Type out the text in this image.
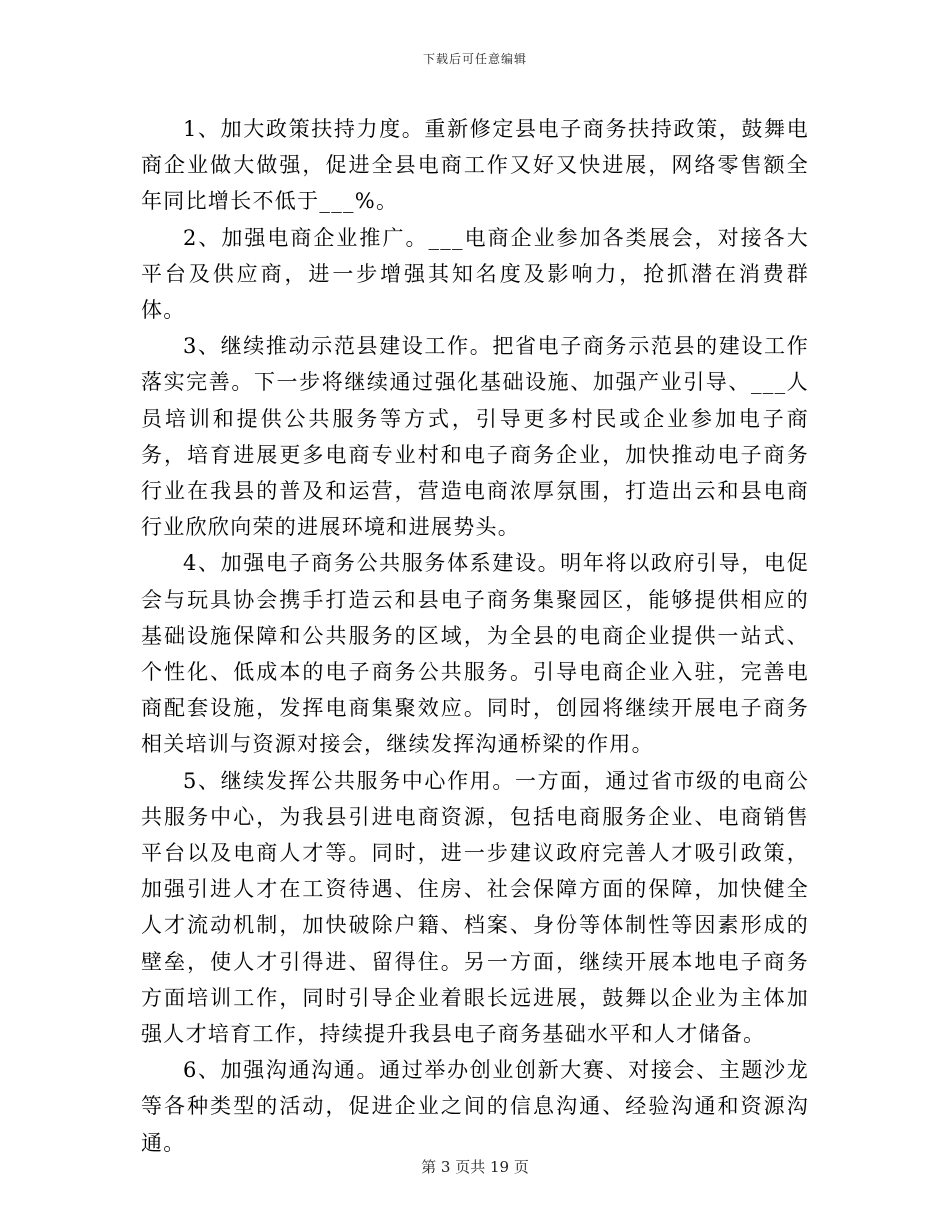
下载后可任意编辑

1、加大政策扶持力度。重新修定县电子商务扶持政策，鼓舞电商企业做大做强，促进全县电商工作又好又快进展，网络零售额全年同比增长不低于___%。

2、加强电商企业推广。___电商企业参加各类展会，对接各大平台及供应商，进一步增强其知名度及影响力，抢抓潜在消费群体。

3、继续推动示范县建设工作。把省电子商务示范县的建设工作落实完善。下一步将继续通过强化基础设施、加强产业引导、___人员培训和提供公共服务等方式，引导更多村民或企业参加电子商务，培育进展更多电商专业村和电子商务企业，加快推动电子商务行业在我县的普及和运营，营造电商浓厚氛围，打造出云和县电商行业欣欣向荣的进展环境和进展势头。

4、加强电子商务公共服务体系建设。明年将以政府引导，电促会与玩具协会携手打造云和县电子商务集聚园区，能够提供相应的基础设施保障和公共服务的区域，为全县的电商企业提供一站式、个性化、低成本的电子商务公共服务。引导电商企业入驻，完善电商配套设施，发挥电商集聚效应。同时，创园将继续开展电子商务相关培训与资源对接会，继续发挥沟通桥梁的作用。

5、继续发挥公共服务中心作用。一方面，通过省市级的电商公共服务中心，为我县引进电商资源，包括电商服务企业、电商销售平台以及电商人才等。同时，进一步建议政府完善人才吸引政策，加强引进人才在工资待遇、住房、社会保障方面的保障，加快健全人才流动机制，加快破除户籍、档案、身份等体制性等因素形成的壁垒，使人才引得进、留得住。另一方面，继续开展本地电子商务方面培训工作，同时引导企业着眼长远进展，鼓舞以企业为主体加强人才培育工作，持续提升我县电子商务基础水平和人才储备。

6、加强沟通沟通。通过举办创业创新大赛、对接会、主题沙龙等各种类型的活动，促进企业之间的信息沟通、经验沟通和资源沟通。

第 3 页共 19 页
